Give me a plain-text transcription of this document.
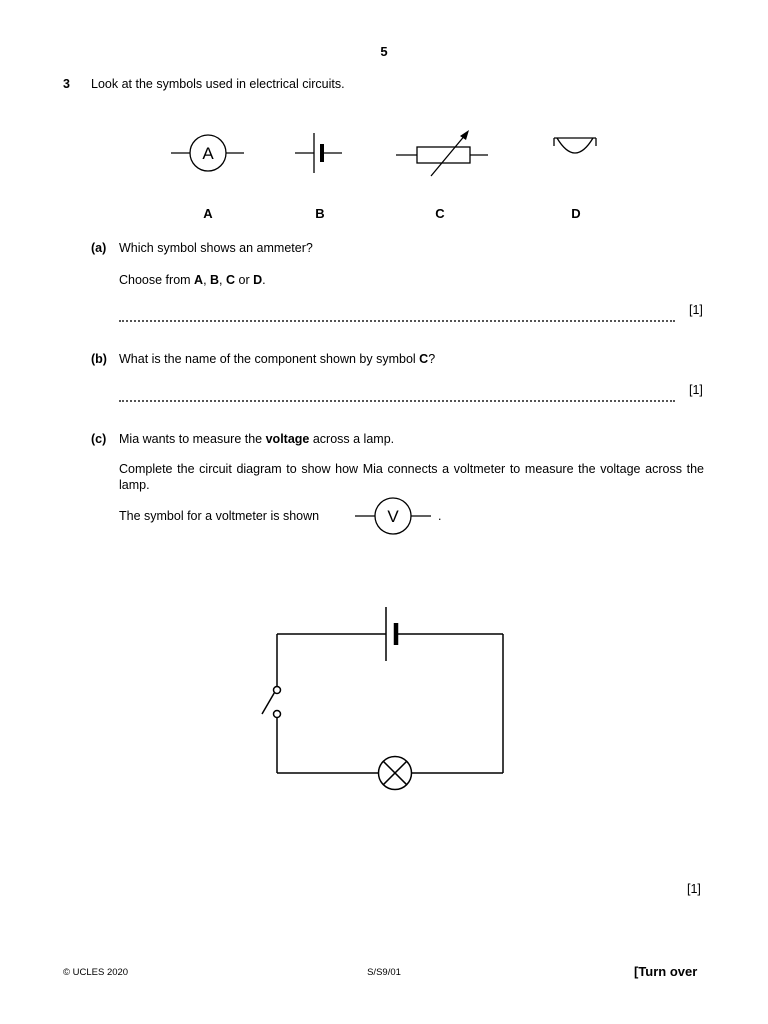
5
3 Look at the symbols used in electrical circuits.
A
A	B	C	D
(a) Which symbol shows an ammeter?
Choose from A, B, C or D.
[1]
(b) What is the name of the component shown by symbol C?
[1]
(c) Mia wants to measure the voltage across a lamp.
Complete the circuit diagram to show how Mia connects a voltmeter to measure the voltage across the lamp.
The symbol for a voltmeter is shown	V	.
[1]
© UCLES 2020	S/S9/01	[Turn over
